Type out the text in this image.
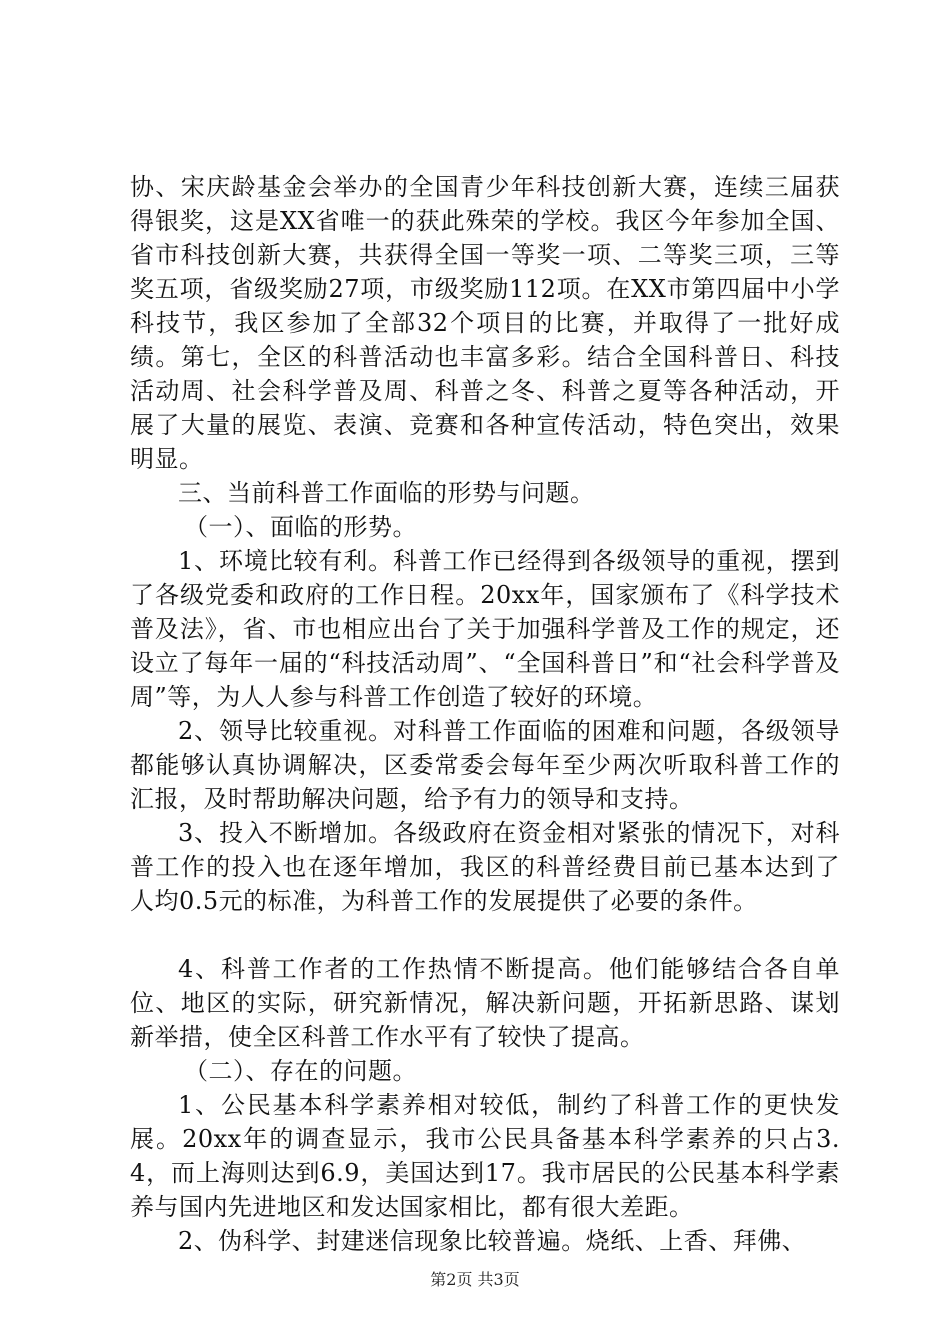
协、宋庆龄基金会举办的全国青少年科技创新大赛，连续三届获得银奖，这是XX省唯一的获此殊荣的学校。我区今年参加全国、省市科技创新大赛，共获得全国一等奖一项、二等奖三项，三等奖五项，省级奖励27项，市级奖励112项。在XX市第四届中小学科技节，我区参加了全部32个项目的比赛，并取得了一批好成绩。第七，全区的科普活动也丰富多彩。结合全国科普日、科技活动周、社会科学普及周、科普之冬、科普之夏等各种活动，开展了大量的展览、表演、竞赛和各种宣传活动，特色突出，效果明显。

三、当前科普工作面临的形势与问题。

（一）、面临的形势。

1、环境比较有利。科普工作已经得到各级领导的重视，摆到了各级党委和政府的工作日程。20xx年，国家颁布了《科学技术普及法》，省、市也相应出台了关于加强科学普及工作的规定，还设立了每年一届的“科技活动周”、“全国科普日”和“社会科学普及周”等，为人人参与科普工作创造了较好的环境。

2、领导比较重视。对科普工作面临的困难和问题，各级领导都能够认真协调解决，区委常委会每年至少两次听取科普工作的汇报，及时帮助解决问题，给予有力的领导和支持。

3、投入不断增加。各级政府在资金相对紧张的情况下，对科普工作的投入也在逐年增加，我区的科普经费目前已基本达到了人均0.5元的标准，为科普工作的发展提供了必要的条件。

4、科普工作者的工作热情不断提高。他们能够结合各自单位、地区的实际，研究新情况，解决新问题，开拓新思路、谋划新举措，使全区科普工作水平有了较快了提高。

（二）、存在的问题。

1、公民基本科学素养相对较低，制约了科普工作的更快发展。20xx年的调查显示，我市公民具备基本科学素养的只占3.4，而上海则达到6.9，美国达到17。我市居民的公民基本科学素养与国内先进地区和发达国家相比，都有很大差距。

2、伪科学、封建迷信现象比较普遍。烧纸、上香、拜佛、

第2页 共3页
